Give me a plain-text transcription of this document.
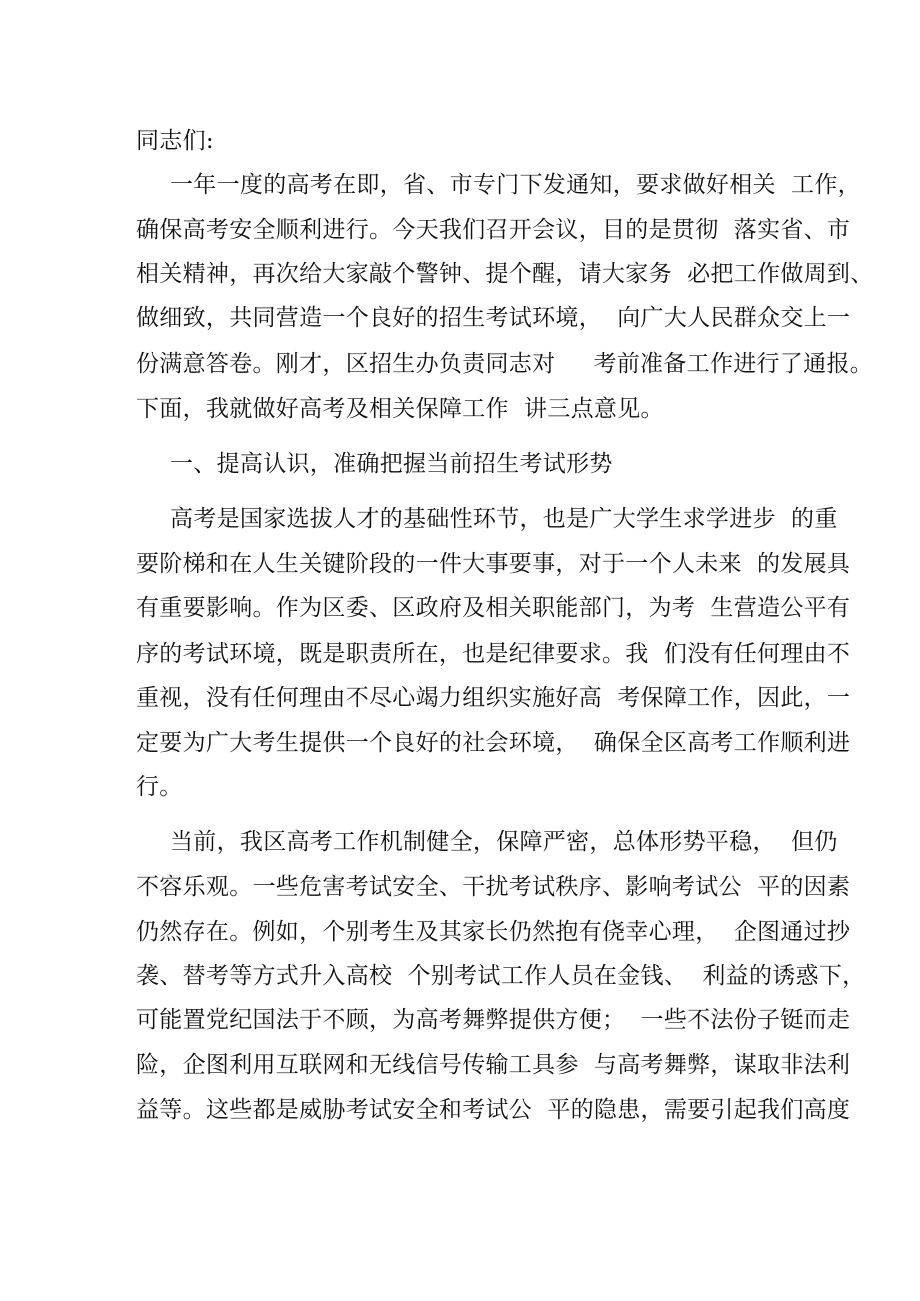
同志们:
一年一度的高考在即，省、市专门下发通知，要求做好相关  工作，
确保高考安全顺利进行。今天我们召开会议，目的是贯彻  落实省、市
相关精神，再次给大家敲个警钟、提个醒，请大家务  必把工作做周到、
做细致，共同营造一个良好的招生考试环境，  向广大人民群众交上一
份满意答卷。刚才，区招生办负责同志对     考前准备工作进行了通报。
下面，我就做好高考及相关保障工作  讲三点意见。
一、提高认识，准确把握当前招生考试形势
高考是国家选拔人才的基础性环节，也是广大学生求学进步  的重
要阶梯和在人生关键阶段的一件大事要事，对于一个人未来  的发展具
有重要影响。作为区委、区政府及相关职能部门，为考  生营造公平有
序的考试环境，既是职责所在，也是纪律要求。我  们没有任何理由不
重视，没有任何理由不尽心竭力组织实施好高  考保障工作，因此，一
定要为广大考生提供一个良好的社会环境，  确保全区高考工作顺利进
行。
当前，我区高考工作机制健全，保障严密，总体形势平稳，  但仍
不容乐观。一些危害考试安全、干扰考试秩序、影响考试公  平的因素
仍然存在。例如，个别考生及其家长仍然抱有侥幸心理，  企图通过抄
袭、替考等方式升入高校  个别考试工作人员在金钱、  利益的诱惑下，
可能置党纪国法于不顾，为高考舞弊提供方便；  一些不法份子铤而走
险，企图利用互联网和无线信号传输工具参  与高考舞弊，谋取非法利
益等。这些都是威胁考试安全和考试公  平的隐患，需要引起我们高度
